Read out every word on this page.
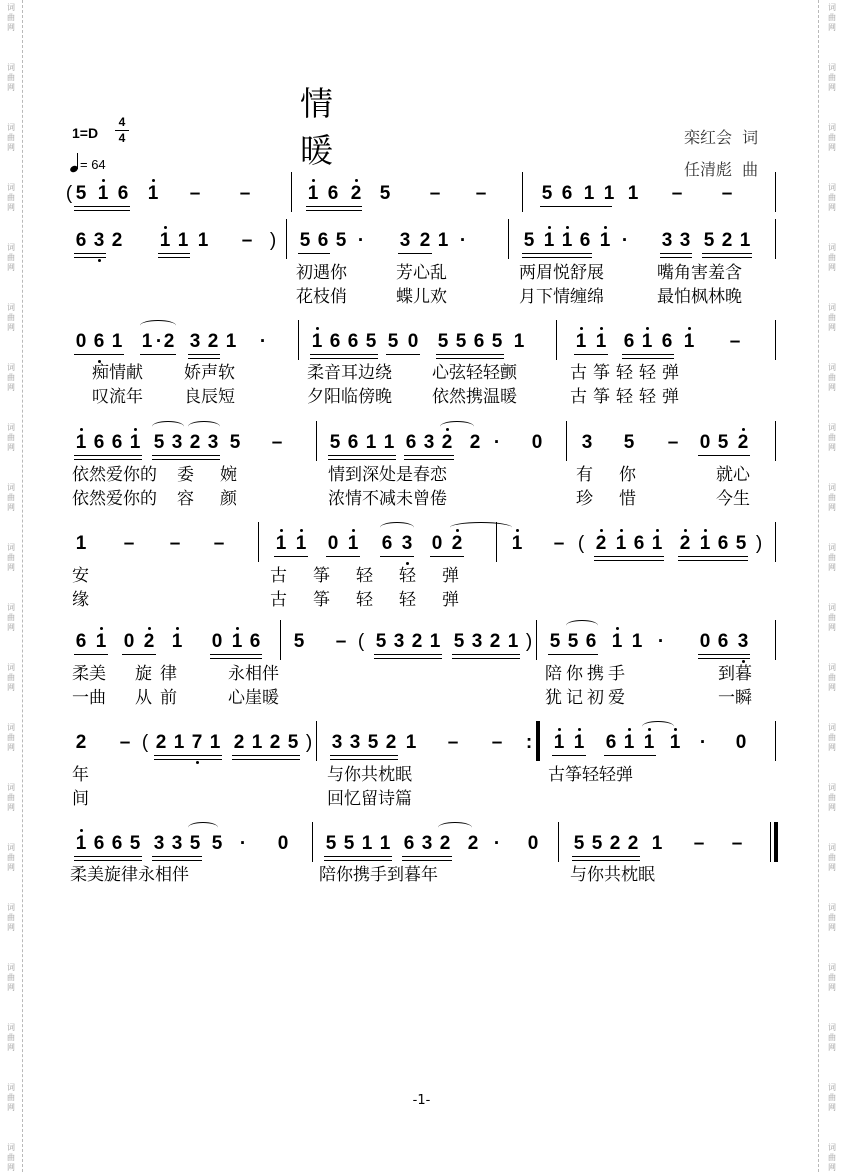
词
曲
网
词
曲
网
词
曲
网
词
曲
网
词
曲
网
词
曲
网
词
曲
网
词
曲
网
词
曲
网
词
曲
网
词
曲
网
词
曲
网
词
曲
网
词
曲
网
词
曲
网
词
曲
网
词
曲
网
词
曲
网
词
曲
网
词
曲
网
词
曲
网
词
曲
网
词
曲
网
词
曲
网
词
曲
网
词
曲
网
词
曲
网
词
曲
网
词
曲
网
词
曲
网
词
曲
网
词
曲
网
词
曲
网
词
曲
网
词
曲
网
词
曲
网
词
曲
网
词
曲
网
词
曲
网
词
曲
网
情暖
1=D
4
4
= 64
栾红会  词
任清彪  曲
( 5 1 6 1 – –	1 6 2 5 – –	5 6 1 1 1 – –
6 3 2 1 1 1 – ) 5 6 5 · 3 2 1 ·	5 1 1 6 1 · 3 3 5 2 1
0 6 1 1 · 2 3 2 1 · 1 6 6 5 5 0 5 5 6 5 1	1 1 6 1 6 1 –
1 6 6 1 5 3 2 3 5 – 5 6 1 1 6 3 2 2 · 0 3 5 – 0 5 2
1 – – –	1 1 0 1 6 3 0 2	1 – ( 2 1 6 1 2 1 6 5 )
6 1 0 2 1 0 1 6 5 – ( 5 3 2 1 5 3 2 1 ) 5 5 6 1 1 · 0 6 3
2 – ( 2 1 7 1 2 1 2 5 ) 3 3 5 2 1 – – : 1 1 6 1 1 1 · 0
1 6 6 5 3 3 5 5 · 0 5 5 1 1 6 3 2 2 · 0 5 5 2 2 1 – –
初遇你	芳心乱	两眉悦舒展	嘴角害羞含
花枝俏	蝶儿欢	月下情缠绵	最怕枫林晚
痴情献 娇声软	柔音耳边绕 心弦轻轻颤	古筝轻轻弹
叹流年 良辰短	夕阳临傍晚 依然携温暖	古筝轻轻弹
依然爱你的 委婉	情到深处是春恋	有你	就心
依然爱你的 容颜	浓情不减未曾倦	珍惜	今生
安	古筝轻轻弹
缘	古筝轻轻弹
柔美 旋律	永相伴	陪你携手	到暮
一曲 从前	心崖暖	犹记初爱	一瞬
年	与你共枕眠	古筝轻轻弹
间	回忆留诗篇
柔美旋律永相伴	陪你携手到暮年	与你共枕眠
-1-
